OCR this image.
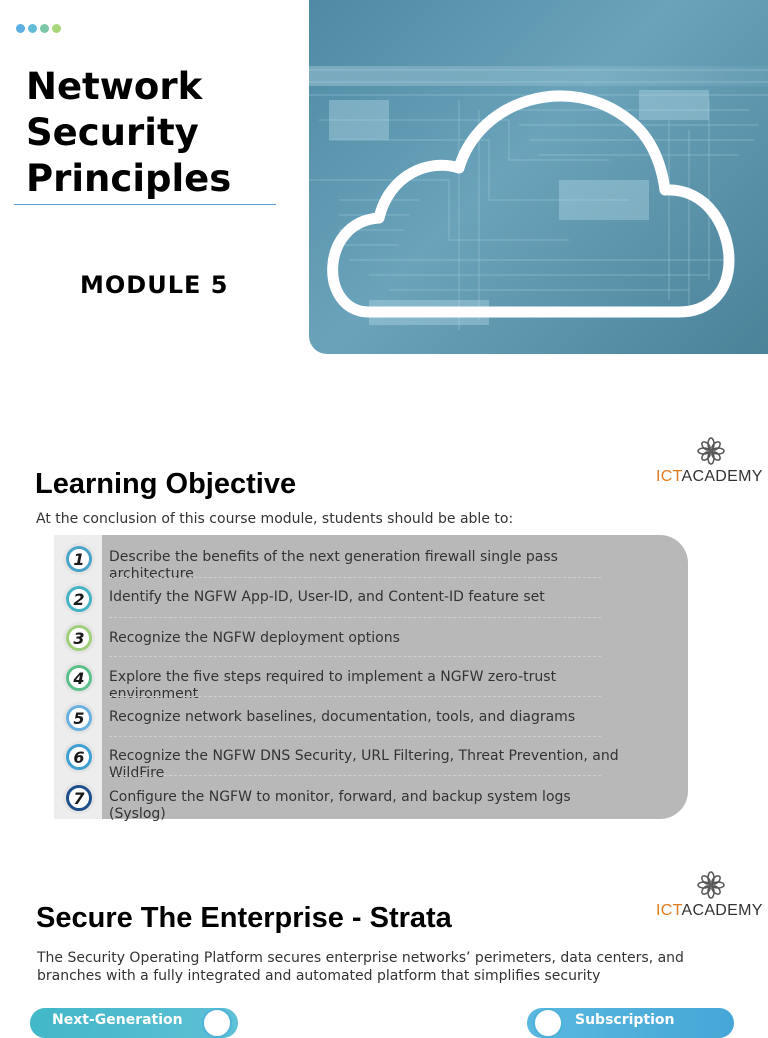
Network
Security
Principles
MODULE 5
ICTACADEMY
Learning Objective
At the conclusion of this course module, students should be able to:
1	Describe the benefits of the next generation firewall single pass architecture
2	Identify the NGFW App-ID, User-ID, and Content-ID feature set
3	Recognize the NGFW deployment options
4	Explore the five steps required to implement a NGFW zero-trust environment
5	Recognize network baselines, documentation, tools, and diagrams
6	Recognize the NGFW DNS Security, URL Filtering, Threat Prevention, and WildFire
7	Configure the NGFW to monitor, forward, and backup system logs (Syslog)
ICTACADEMY
Secure The Enterprise - Strata
The Security Operating Platform secures enterprise networks’ perimeters, data centers, and branches with a fully integrated and automated platform that simplifies security
Next-Generation	Subscription
